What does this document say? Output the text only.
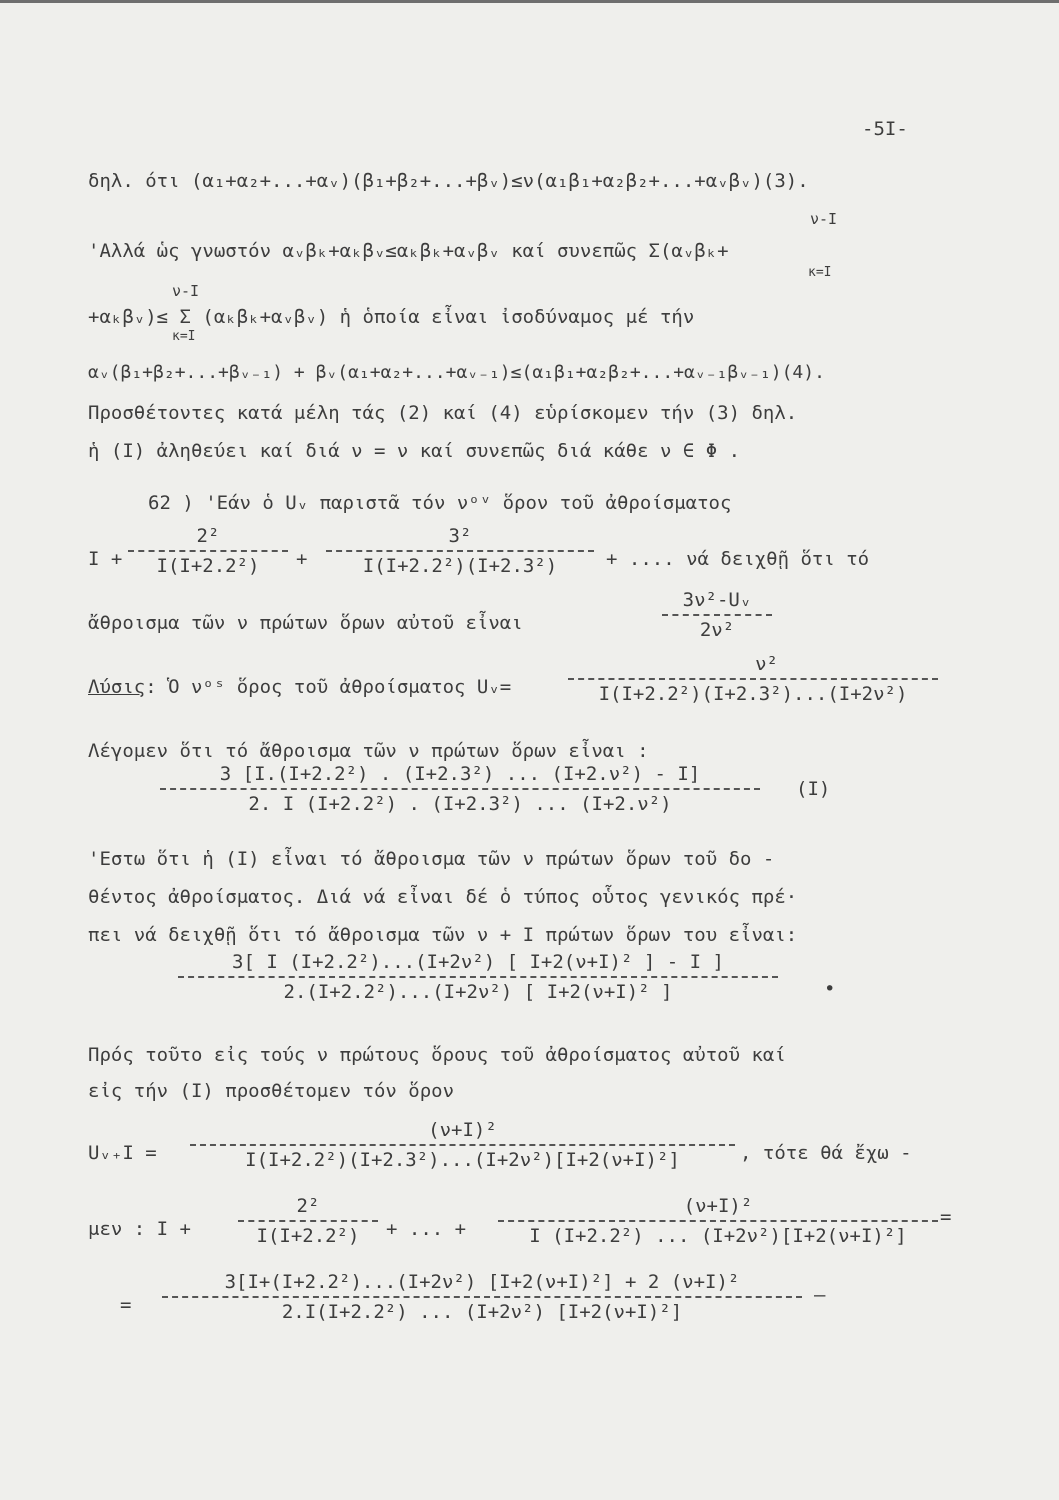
-5I-
δηλ. ότι (α₁+α₂+...+αᵥ)(β₁+β₂+...+βᵥ)≤ν(α₁β₁+α₂β₂+...+αᵥβᵥ)(3).
ν-I
'Αλλά ὡς γνωστόν αᵥβₖ+αₖβᵥ≤αₖβₖ+αᵥβᵥ καί συνεπῶς Σ(αᵥβₖ+
κ=I
ν-I
+αₖβᵥ)≤ Σ (αₖβₖ+αᵥβᵥ) ἡ ὁποία εἶναι ἰσοδύναμος μέ τήν
κ=I
αᵥ(β₁+β₂+...+βᵥ₋₁) + βᵥ(α₁+α₂+...+αᵥ₋₁)≤(α₁β₁+α₂β₂+...+αᵥ₋₁βᵥ₋₁)(4).
Προσθέτοντες κατά μέλη τάς (2) καί (4) εὑρίσκομεν τήν (3) δηλ.
ἡ (I) ἀληθεύει καί διά ν = ν καί συνεπῶς διά κάθε ν ∈ Φ .
62 ) 'Εάν ὁ Uᵥ παριστᾶ τόν νᵒᵛ ὅρον τοῦ ἀθροίσματος
I +
2²
I(I+2.2²)	+
3²
I(I+2.2²)(I+2.3²)	+ .... νά δειχθῇ ὅτι τό
ἄθροισμα τῶν ν πρώτων ὅρων αὐτοῦ εἶναι
3ν²-Uᵥ
2ν²
Λύσις: Ὁ νᵒˢ ὅρος τοῦ ἀθροίσματος Uᵥ=
ν²
I(I+2.2²)(I+2.3²)...(I+2ν²)
Λέγομεν ὅτι τό ἄθροισμα τῶν ν πρώτων ὅρων εἶναι :
3 [I.(I+2.2²) . (I+2.3²) ... (I+2.ν²) - I]
2. I (I+2.2²) . (I+2.3²) ... (I+2.ν²)
(I)
'Εστω ὅτι ἡ (I) εἶναι τό ἄθροισμα τῶν ν πρώτων ὅρων τοῦ δο -
θέντος ἀθροίσματος. Διά νά εἶναι δέ ὁ τύπος οὗτος γενικός πρέ·
πει νά δειχθῇ ὅτι τό ἄθροισμα τῶν ν + I πρώτων ὅρων του εἶναι:
3[ I (I+2.2²)...(I+2ν²) [ I+2(ν+I)² ] - I ]
2.(I+2.2²)...(I+2ν²) [ I+2(ν+I)² ]	•
Πρός τοῦτο εἰς τούς ν πρώτους ὅρους τοῦ ἀθροίσματος αὐτοῦ καί
εἰς τήν (I) προσθέτομεν τόν ὅρον
Uᵥ₊I =
(ν+I)²
I(I+2.2²)(I+2.3²)...(I+2ν²)[I+2(ν+I)²]	, τότε θά ἔχω -
μεν : I +
2²
I(I+2.2²)	+ ... +
(ν+I)²
I (I+2.2²) ... (I+2ν²)[I+2(ν+I)²]
=
=
3[I+(I+2.2²)...(I+2ν²) [I+2(ν+I)²] + 2 (ν+I)²
2.I(I+2.2²) ... (I+2ν²) [I+2(ν+I)²]
—
